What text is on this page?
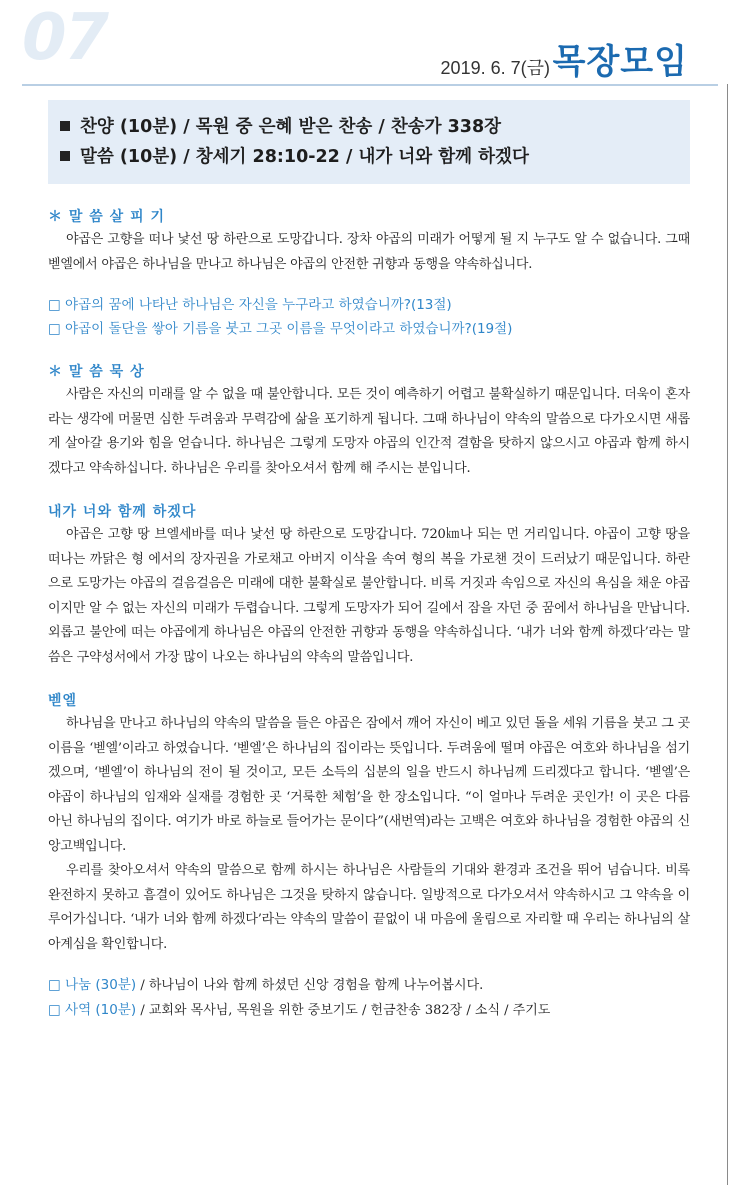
07	2019. 6. 7(금) 목장모임
찬양 (10분) / 목원 중 은혜 받은 찬송 / 찬송가 338장
말씀 (10분) / 창세기 28:10-22 / 내가 너와 함께 하겠다
＊ 말 씀 살 피 기

야곱은 고향을 떠나 낯선 땅 하란으로 도망갑니다. 장차 야곱의 미래가 어떻게 될 지 누구도 알 수 없습니다. 그때 벧엘에서 야곱은 하나님을 만나고 하나님은 야곱의 안전한 귀향과 동행을 약속하십니다.

□ 야곱의 꿈에 나타난 하나님은 자신을 누구라고 하였습니까?(13절)
□ 야곱이 돌단을 쌓아 기름을 붓고 그곳 이름을 무엇이라고 하였습니까?(19절)
＊ 말 씀 묵 상

사람은 자신의 미래를 알 수 없을 때 불안합니다. 모든 것이 예측하기 어렵고 불확실하기 때문입니다. 더욱이 혼자라는 생각에 머물면 심한 두려움과 무력감에 삶을 포기하게 됩니다. 그때 하나님이 약속의 말씀으로 다가오시면 새롭게 살아갈 용기와 힘을 얻습니다. 하나님은 그렇게 도망자 야곱의 인간적 결함을 탓하지 않으시고 야곱과 함께 하시겠다고 약속하십니다. 하나님은 우리를 찾아오셔서 함께 해 주시는 분입니다.

내가 너와 함께 하겠다

야곱은 고향 땅 브엘세바를 떠나 낯선 땅 하란으로 도망갑니다. 720㎞나 되는 먼 거리입니다. 야곱이 고향 땅을 떠나는 까닭은 형 에서의 장자권을 가로채고 아버지 이삭을 속여 형의 복을 가로챈 것이 드러났기 때문입니다. 하란으로 도망가는 야곱의 걸음걸음은 미래에 대한 불확실로 불안합니다. 비록 거짓과 속임으로 자신의 욕심을 채운 야곱이지만 알 수 없는 자신의 미래가 두렵습니다. 그렇게 도망자가 되어 길에서 잠을 자던 중 꿈에서 하나님을 만납니다. 외롭고 불안에 떠는 야곱에게 하나님은 야곱의 안전한 귀향과 동행을 약속하십니다. ‘내가 너와 함께 하겠다’라는 말씀은 구약성서에서 가장 많이 나오는 하나님의 약속의 말씀입니다.

벧엘

하나님을 만나고 하나님의 약속의 말씀을 들은 야곱은 잠에서 깨어 자신이 베고 있던 돌을 세워 기름을 붓고 그 곳 이름을 ‘벧엘’이라고 하였습니다. ‘벧엘’은 하나님의 집이라는 뜻입니다. 두려움에 떨며 야곱은 여호와 하나님을 섬기겠으며, ‘벧엘’이 하나님의 전이 될 것이고, 모든 소득의 십분의 일을 반드시 하나님께 드리겠다고 합니다. ‘벧엘’은 야곱이 하나님의 임재와 실재를 경험한 곳 ‘거룩한 체험’을 한 장소입니다. “이 얼마나 두려운 곳인가! 이 곳은 다름 아닌 하나님의 집이다. 여기가 바로 하늘로 들어가는 문이다”(새번역)라는 고백은 여호와 하나님을 경험한 야곱의 신앙고백입니다.

우리를 찾아오셔서 약속의 말씀으로 함께 하시는 하나님은 사람들의 기대와 환경과 조건을 뛰어 넘습니다. 비록 완전하지 못하고 흠결이 있어도 하나님은 그것을 탓하지 않습니다. 일방적으로 다가오셔서 약속하시고 그 약속을 이루어가십니다. ‘내가 너와 함께 하겠다’라는 약속의 말씀이 끝없이 내 마음에 울림으로 자리할 때 우리는 하나님의 살아계심을 확인합니다.

□ 나눔 (30분) / 하나님이 나와 함께 하셨던 신앙 경험을 함께 나누어봅시다.
□ 사역 (10분) / 교회와 목사님, 목원을 위한 중보기도 / 헌금찬송 382장 / 소식 / 주기도
